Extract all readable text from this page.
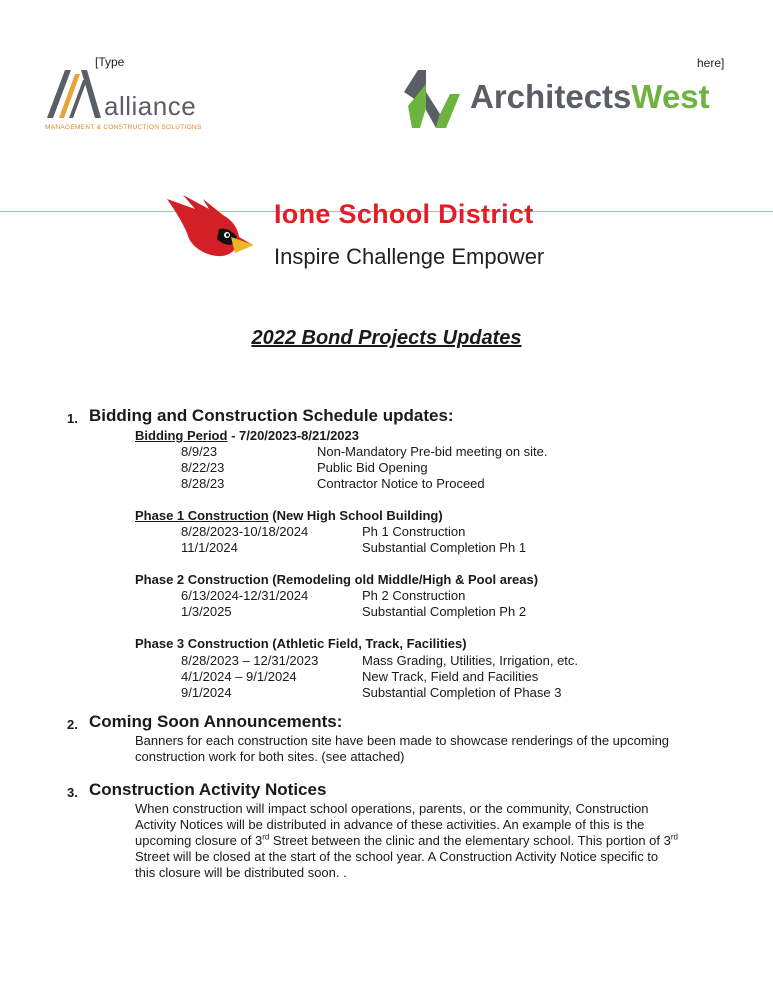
[Type	here]
alliance
MANAGEMENT & CONSTRUCTION SOLUTIONS
ArchitectsWest
Ione School District
Inspire Challenge Empower
2022 Bond Projects Updates
1. Bidding and Construction Schedule updates:
Bidding Period - 7/20/2023-8/21/2023
8/9/23	Non-Mandatory Pre-bid meeting on site.
8/22/23	Public Bid Opening
8/28/23	Contractor Notice to Proceed
Phase 1 Construction (New High School Building)
8/28/2023-10/18/2024	Ph 1 Construction
11/1/2024	Substantial Completion Ph 1
Phase 2 Construction (Remodeling old Middle/High & Pool areas)
6/13/2024-12/31/2024	Ph 2 Construction
1/3/2025	Substantial Completion Ph 2
Phase 3 Construction (Athletic Field, Track, Facilities)
8/28/2023 – 12/31/2023	Mass Grading, Utilities, Irrigation, etc.
4/1/2024 – 9/1/2024	New Track, Field and Facilities
9/1/2024	Substantial Completion of Phase 3
2. Coming Soon Announcements:
Banners for each construction site have been made to showcase renderings of the upcoming
construction work for both sites. (see attached)
3. Construction Activity Notices
When construction will impact school operations, parents, or the community, Construction
Activity Notices will be distributed in advance of these activities. An example of this is the
upcoming closure of 3rd Street between the clinic and the elementary school. This portion of 3rd
Street will be closed at the start of the school year. A Construction Activity Notice specific to
this closure will be distributed soon. .
